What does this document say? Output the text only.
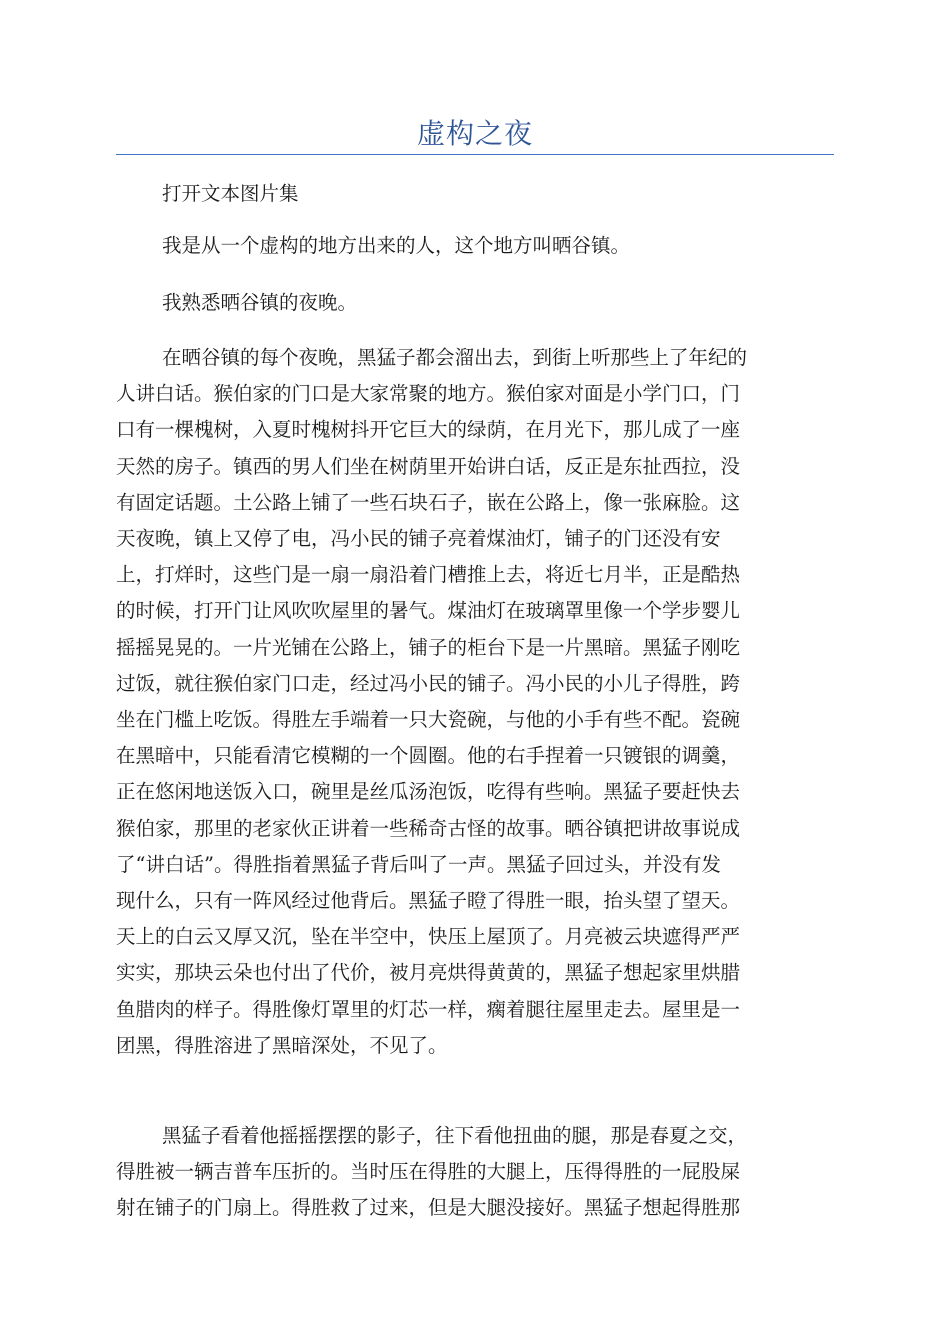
虚构之夜
打开文本图片集
我是从一个虚构的地方出来的人，这个地方叫晒谷镇。
我熟悉晒谷镇的夜晚。
在晒谷镇的每个夜晚，黑猛子都会溜出去，到街上听那些上了年纪的
人讲白话。猴伯家的门口是大家常聚的地方。猴伯家对面是小学门口，门
口有一棵槐树，入夏时槐树抖开它巨大的绿荫，在月光下，那儿成了一座
天然的房子。镇西的男人们坐在树荫里开始讲白话，反正是东扯西拉，没
有固定话题。土公路上铺了一些石块石子，嵌在公路上，像一张麻脸。这
天夜晚，镇上又停了电，冯小民的铺子亮着煤油灯，铺子的门还没有安
上，打烊时，这些门是一扇一扇沿着门槽推上去，将近七月半，正是酷热
的时候，打开门让风吹吹屋里的暑气。煤油灯在玻璃罩里像一个学步婴儿
摇摇晃晃的。一片光铺在公路上，铺子的柜台下是一片黑暗。黑猛子刚吃
过饭，就往猴伯家门口走，经过冯小民的铺子。冯小民的小儿子得胜，跨
坐在门槛上吃饭。得胜左手端着一只大瓷碗，与他的小手有些不配。瓷碗
在黑暗中，只能看清它模糊的一个圆圈。他的右手捏着一只镀银的调羹，
正在悠闲地送饭入口，碗里是丝瓜汤泡饭，吃得有些响。黑猛子要赶快去
猴伯家，那里的老家伙正讲着一些稀奇古怪的故事。晒谷镇把讲故事说成
了“讲白话”。得胜指着黑猛子背后叫了一声。黑猛子回过头，并没有发
现什么，只有一阵风经过他背后。黑猛子瞪了得胜一眼，抬头望了望天。
天上的白云又厚又沉，坠在半空中，快压上屋顶了。月亮被云块遮得严严
实实，那块云朵也付出了代价，被月亮烘得黄黄的，黑猛子想起家里烘腊
鱼腊肉的样子。得胜像灯罩里的灯芯一样，瘸着腿往屋里走去。屋里是一
团黑，得胜溶进了黑暗深处，不见了。
黑猛子看着他摇摇摆摆的影子，往下看他扭曲的腿，那是春夏之交，
得胜被一辆吉普车压折的。当时压在得胜的大腿上，压得得胜的一屁股屎
射在铺子的门扇上。得胜救了过来，但是大腿没接好。黑猛子想起得胜那
